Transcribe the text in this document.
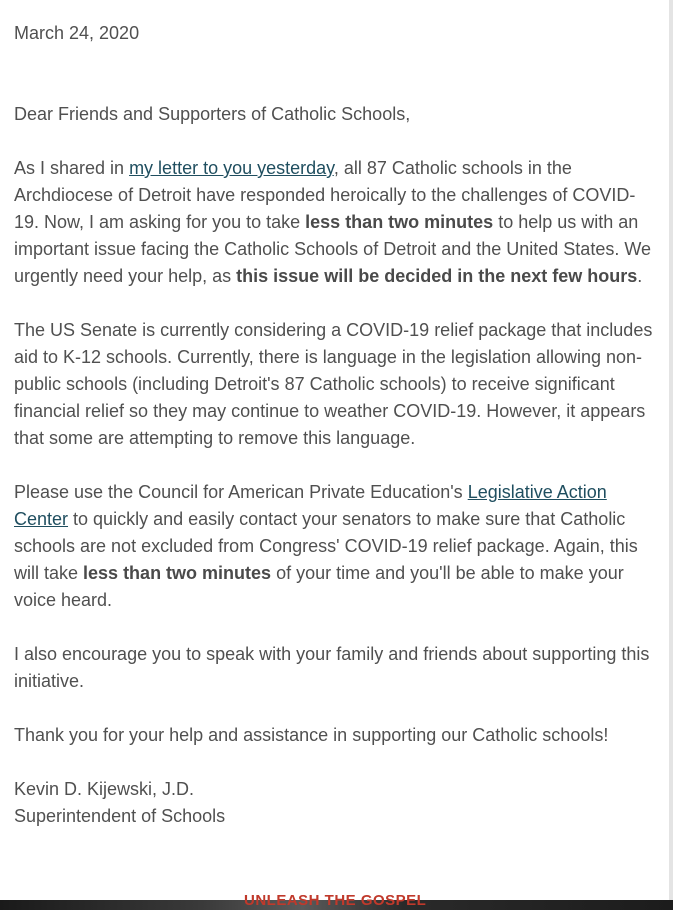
March 24, 2020

Dear Friends and Supporters of Catholic Schools,

As I shared in my letter to you yesterday, all 87 Catholic schools in the Archdiocese of Detroit have responded heroically to the challenges of COVID-19. Now, I am asking for you to take less than two minutes to help us with an important issue facing the Catholic Schools of Detroit and the United States. We urgently need your help, as this issue will be decided in the next few hours.

The US Senate is currently considering a COVID-19 relief package that includes aid to K-12 schools. Currently, there is language in the legislation allowing non-public schools (including Detroit's 87 Catholic schools) to receive significant financial relief so they may continue to weather COVID-19. However, it appears that some are attempting to remove this language.

Please use the Council for American Private Education's Legislative Action Center to quickly and easily contact your senators to make sure that Catholic schools are not excluded from Congress' COVID-19 relief package. Again, this will take less than two minutes of your time and you'll be able to make your voice heard.

I also encourage you to speak with your family and friends about supporting this initiative.

Thank you for your help and assistance in supporting our Catholic schools!

Kevin D. Kijewski, J.D.

Superintendent of Schools

UNLEASH THE GOSPEL
